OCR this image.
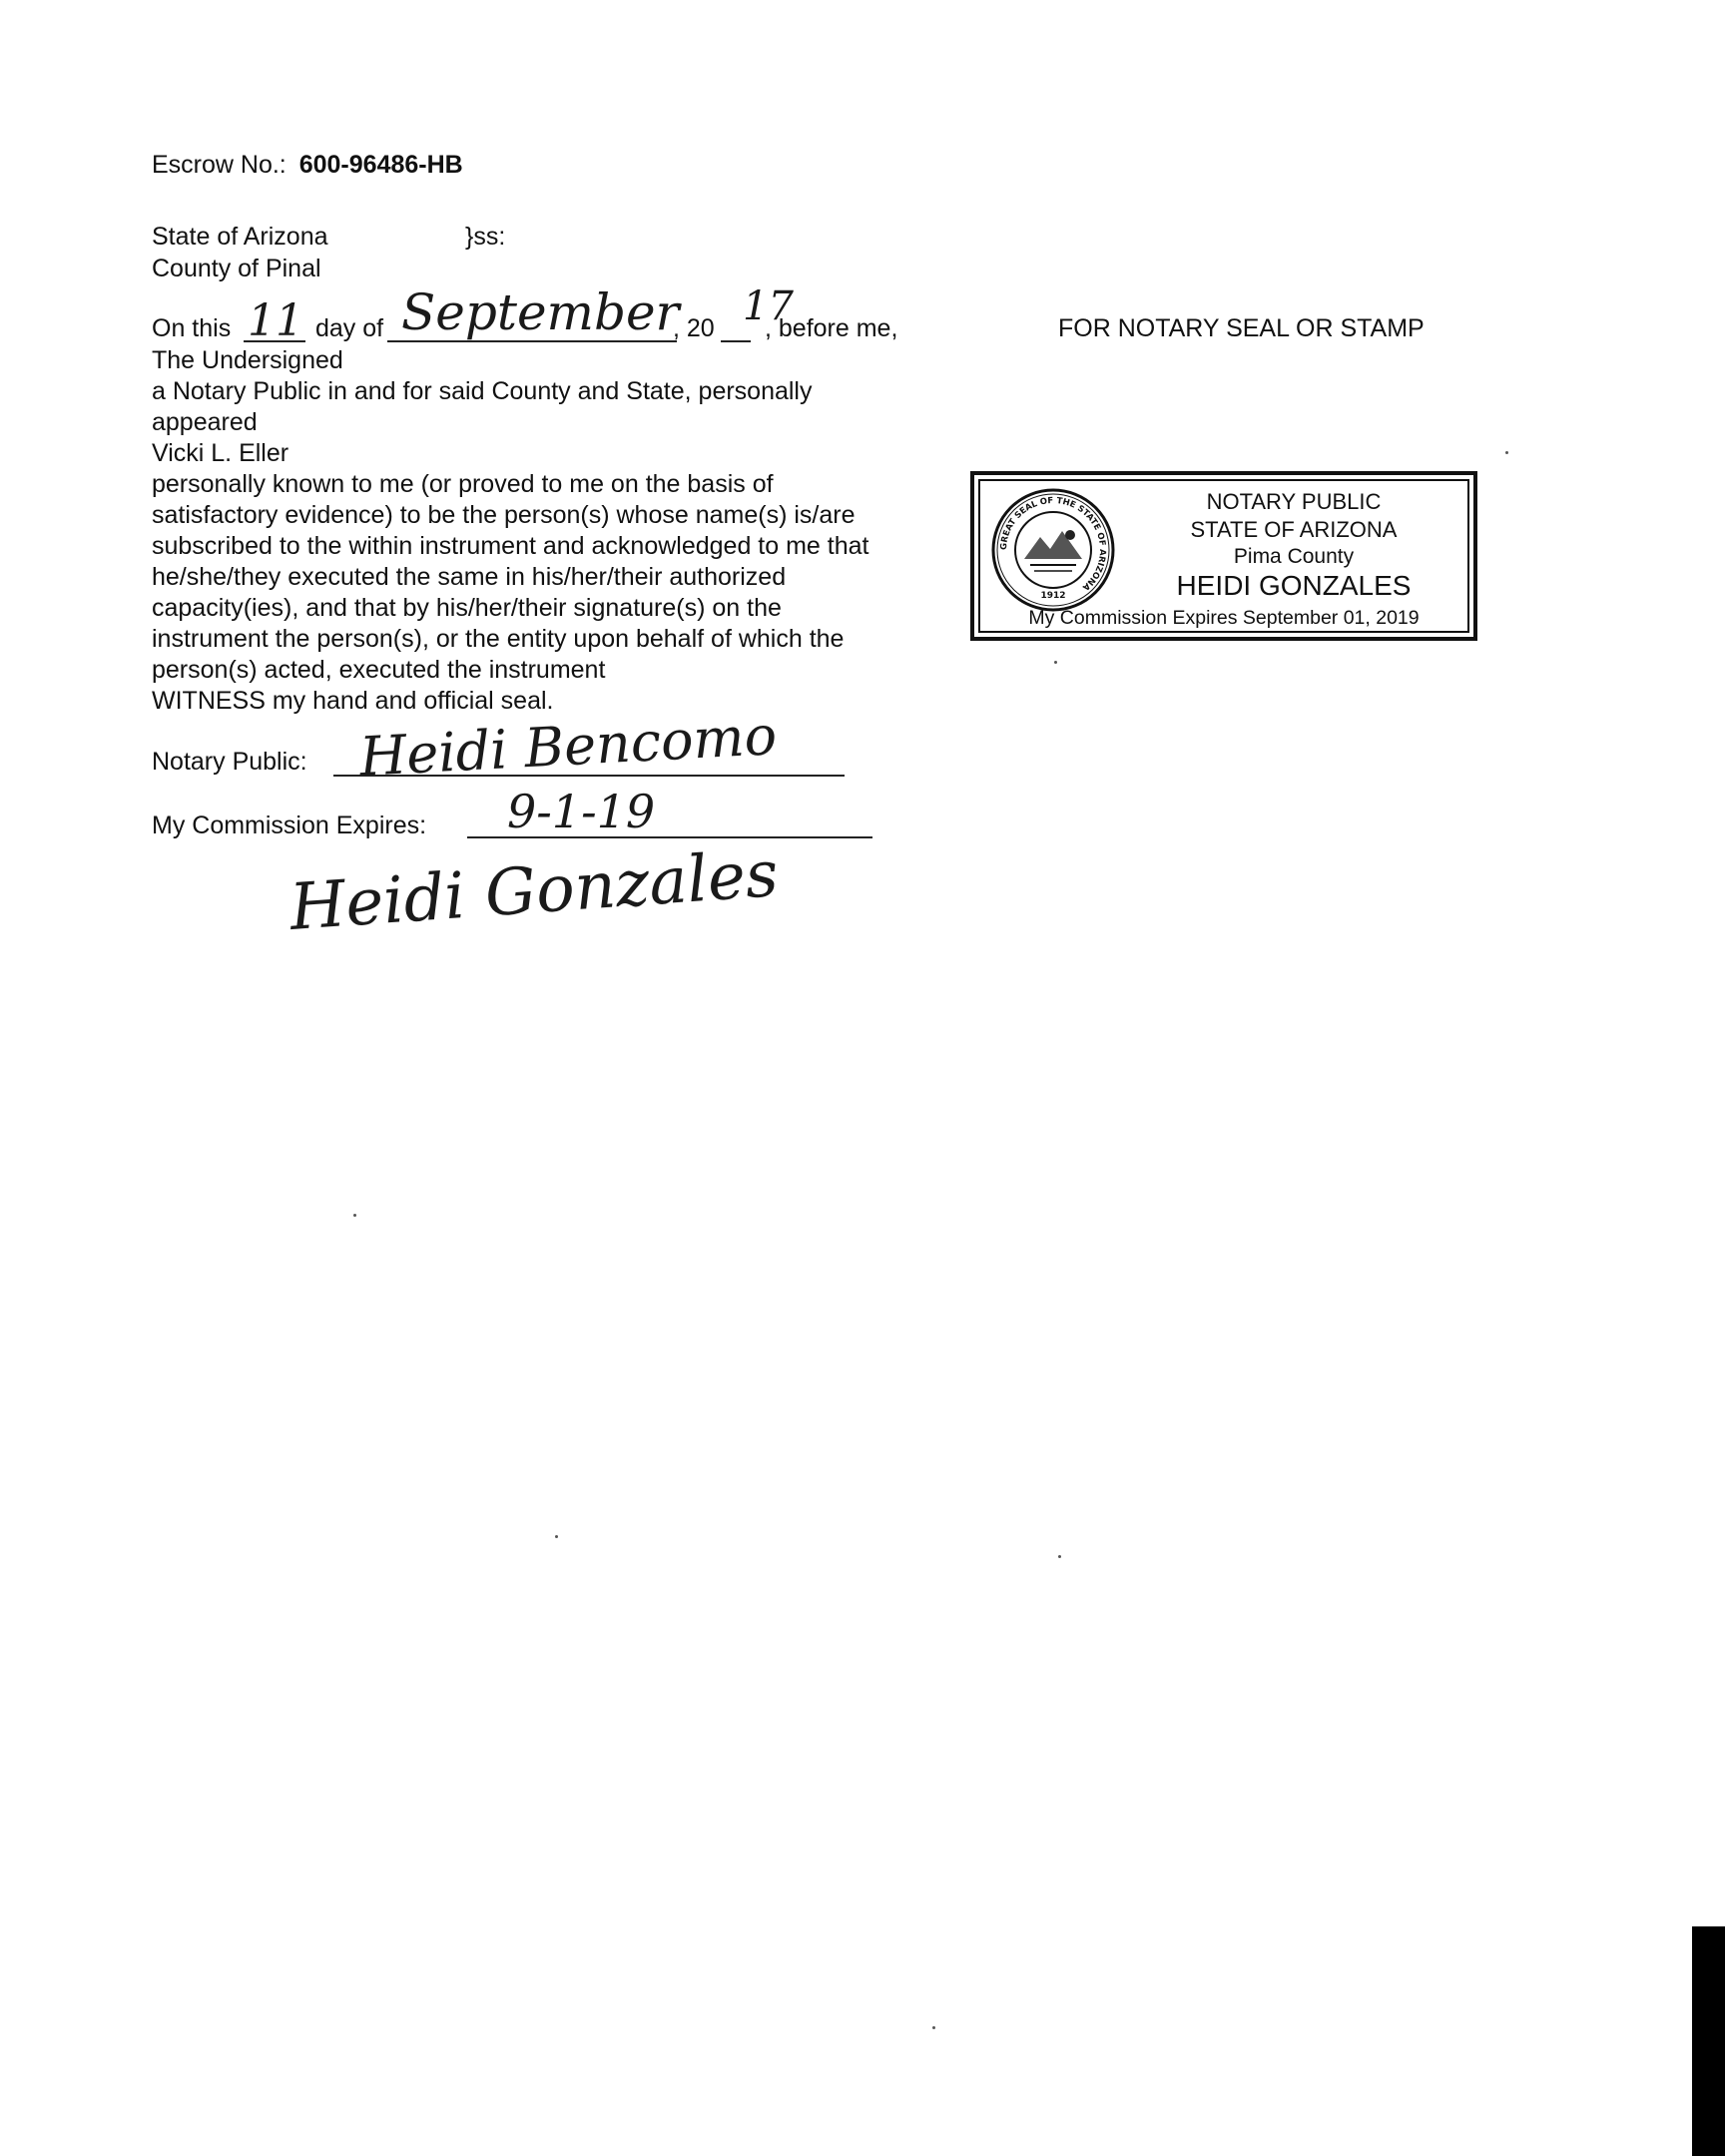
Escrow No.: 600-96486-HB
State of Arizona	}ss:
County of Pinal
On this 11 day of September
, 20 17
, before me,	FOR NOTARY SEAL OR STAMP
The Undersigned
a Notary Public in and for said County and State, personally
appeared
Vicki L. Eller
personally known to me (or proved to me on the basis of
satisfactory evidence) to be the person(s) whose name(s) is/are
subscribed to the within instrument and acknowledged to me that
he/she/they executed the same in his/her/their authorized
capacity(ies), and that by his/her/their signature(s) on the
instrument the person(s), or the entity upon behalf of which the
person(s) acted, executed the instrument
WITNESS my hand and official seal.
Notary Public: Heidi Bencomo
My Commission Expires: 9-1-19
Heidi Gonzales
GREAT SEAL OF THE STATE OF ARIZONA
1912
NOTARY PUBLIC
STATE OF ARIZONA
Pima County
HEIDI GONZALES
My Commission Expires September 01, 2019
